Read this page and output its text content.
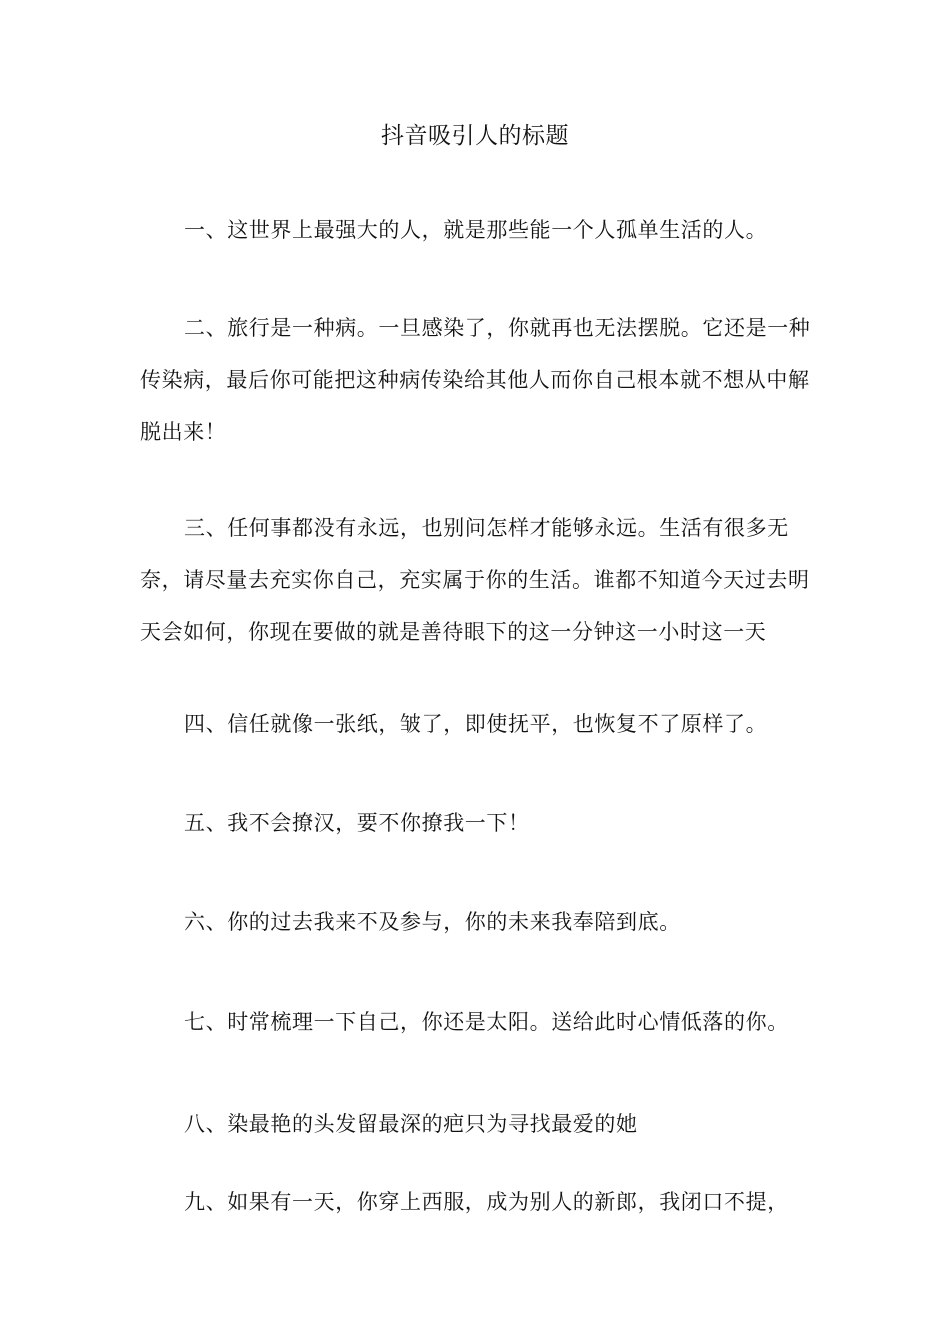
抖音吸引人的标题

一、这世界上最强大的人，就是那些能一个人孤单生活的人。

二、旅行是一种病。一旦感染了，你就再也无法摆脱。它还是一种传染病，最后你可能把这种病传染给其他人而你自己根本就不想从中解脱出来！

三、任何事都没有永远，也别问怎样才能够永远。生活有很多无奈，请尽量去充实你自己，充实属于你的生活。谁都不知道今天过去明天会如何，你现在要做的就是善待眼下的这一分钟这一小时这一天

四、信任就像一张纸，皱了，即使抚平，也恢复不了原样了。

五、我不会撩汉，要不你撩我一下！

六、你的过去我来不及参与，你的未来我奉陪到底。

七、时常梳理一下自己，你还是太阳。送给此时心情低落的你。

八、染最艳的头发留最深的疤只为寻找最爱的她

九、如果有一天，你穿上西服，成为别人的新郎，我闭口不提，
